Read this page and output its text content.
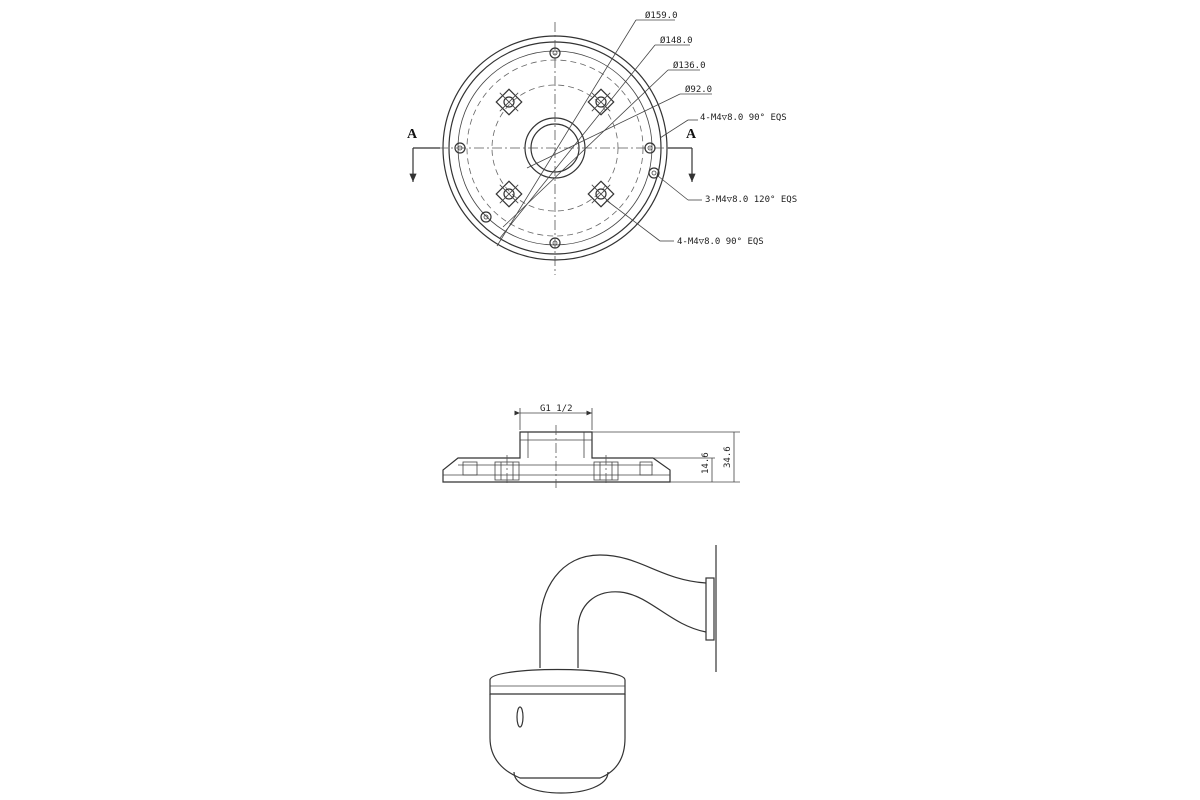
A	A
Ø159.0
Ø148.0
Ø136.0
Ø92.0
4-M4▽8.0 90° EQS
3-M4▽8.0 120° EQS
4-M4▽8.0 90° EQS
G1 1/2
14.6 34.6
